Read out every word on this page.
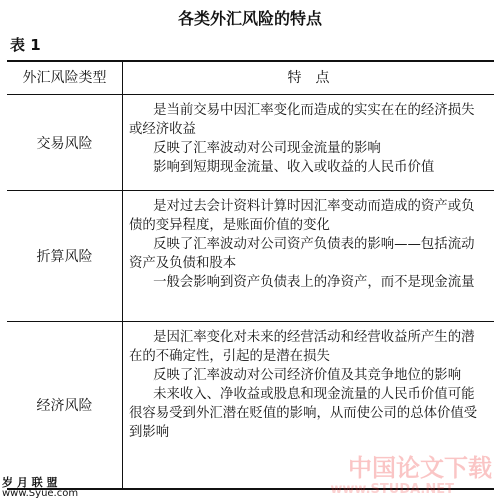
各类外汇风险的特点
表 1
外汇风险类型	特　点
交易风险

是当前交易中因汇率变化而造成的实实在在的经济损失或经济收益

反映了汇率波动对公司现金流量的影响

影响到短期现金流量、收入或收益的人民币价值

折算风险

是对过去会计资料计算时因汇率变动而造成的资产或负债的变异程度，是账面价值的变化

反映了汇率波动对公司资产负债表的影响——包括流动资产及负债和股本

一般会影响到资产负债表上的净资产，而不是现金流量

经济风险

是因汇率变化对未来的经营活动和经营收益所产生的潜在的不确定性，引起的是潜在损失

反映了汇率波动对公司经济价值及其竞争地位的影响

未来收入、净收益或股息和现金流量的人民币价值可能很容易受到外汇潜在贬值的影响，从而使公司的总体价值受到影响

中国论文下载
www.STUDA.NET
岁 月 联 盟
www.Syue.com
